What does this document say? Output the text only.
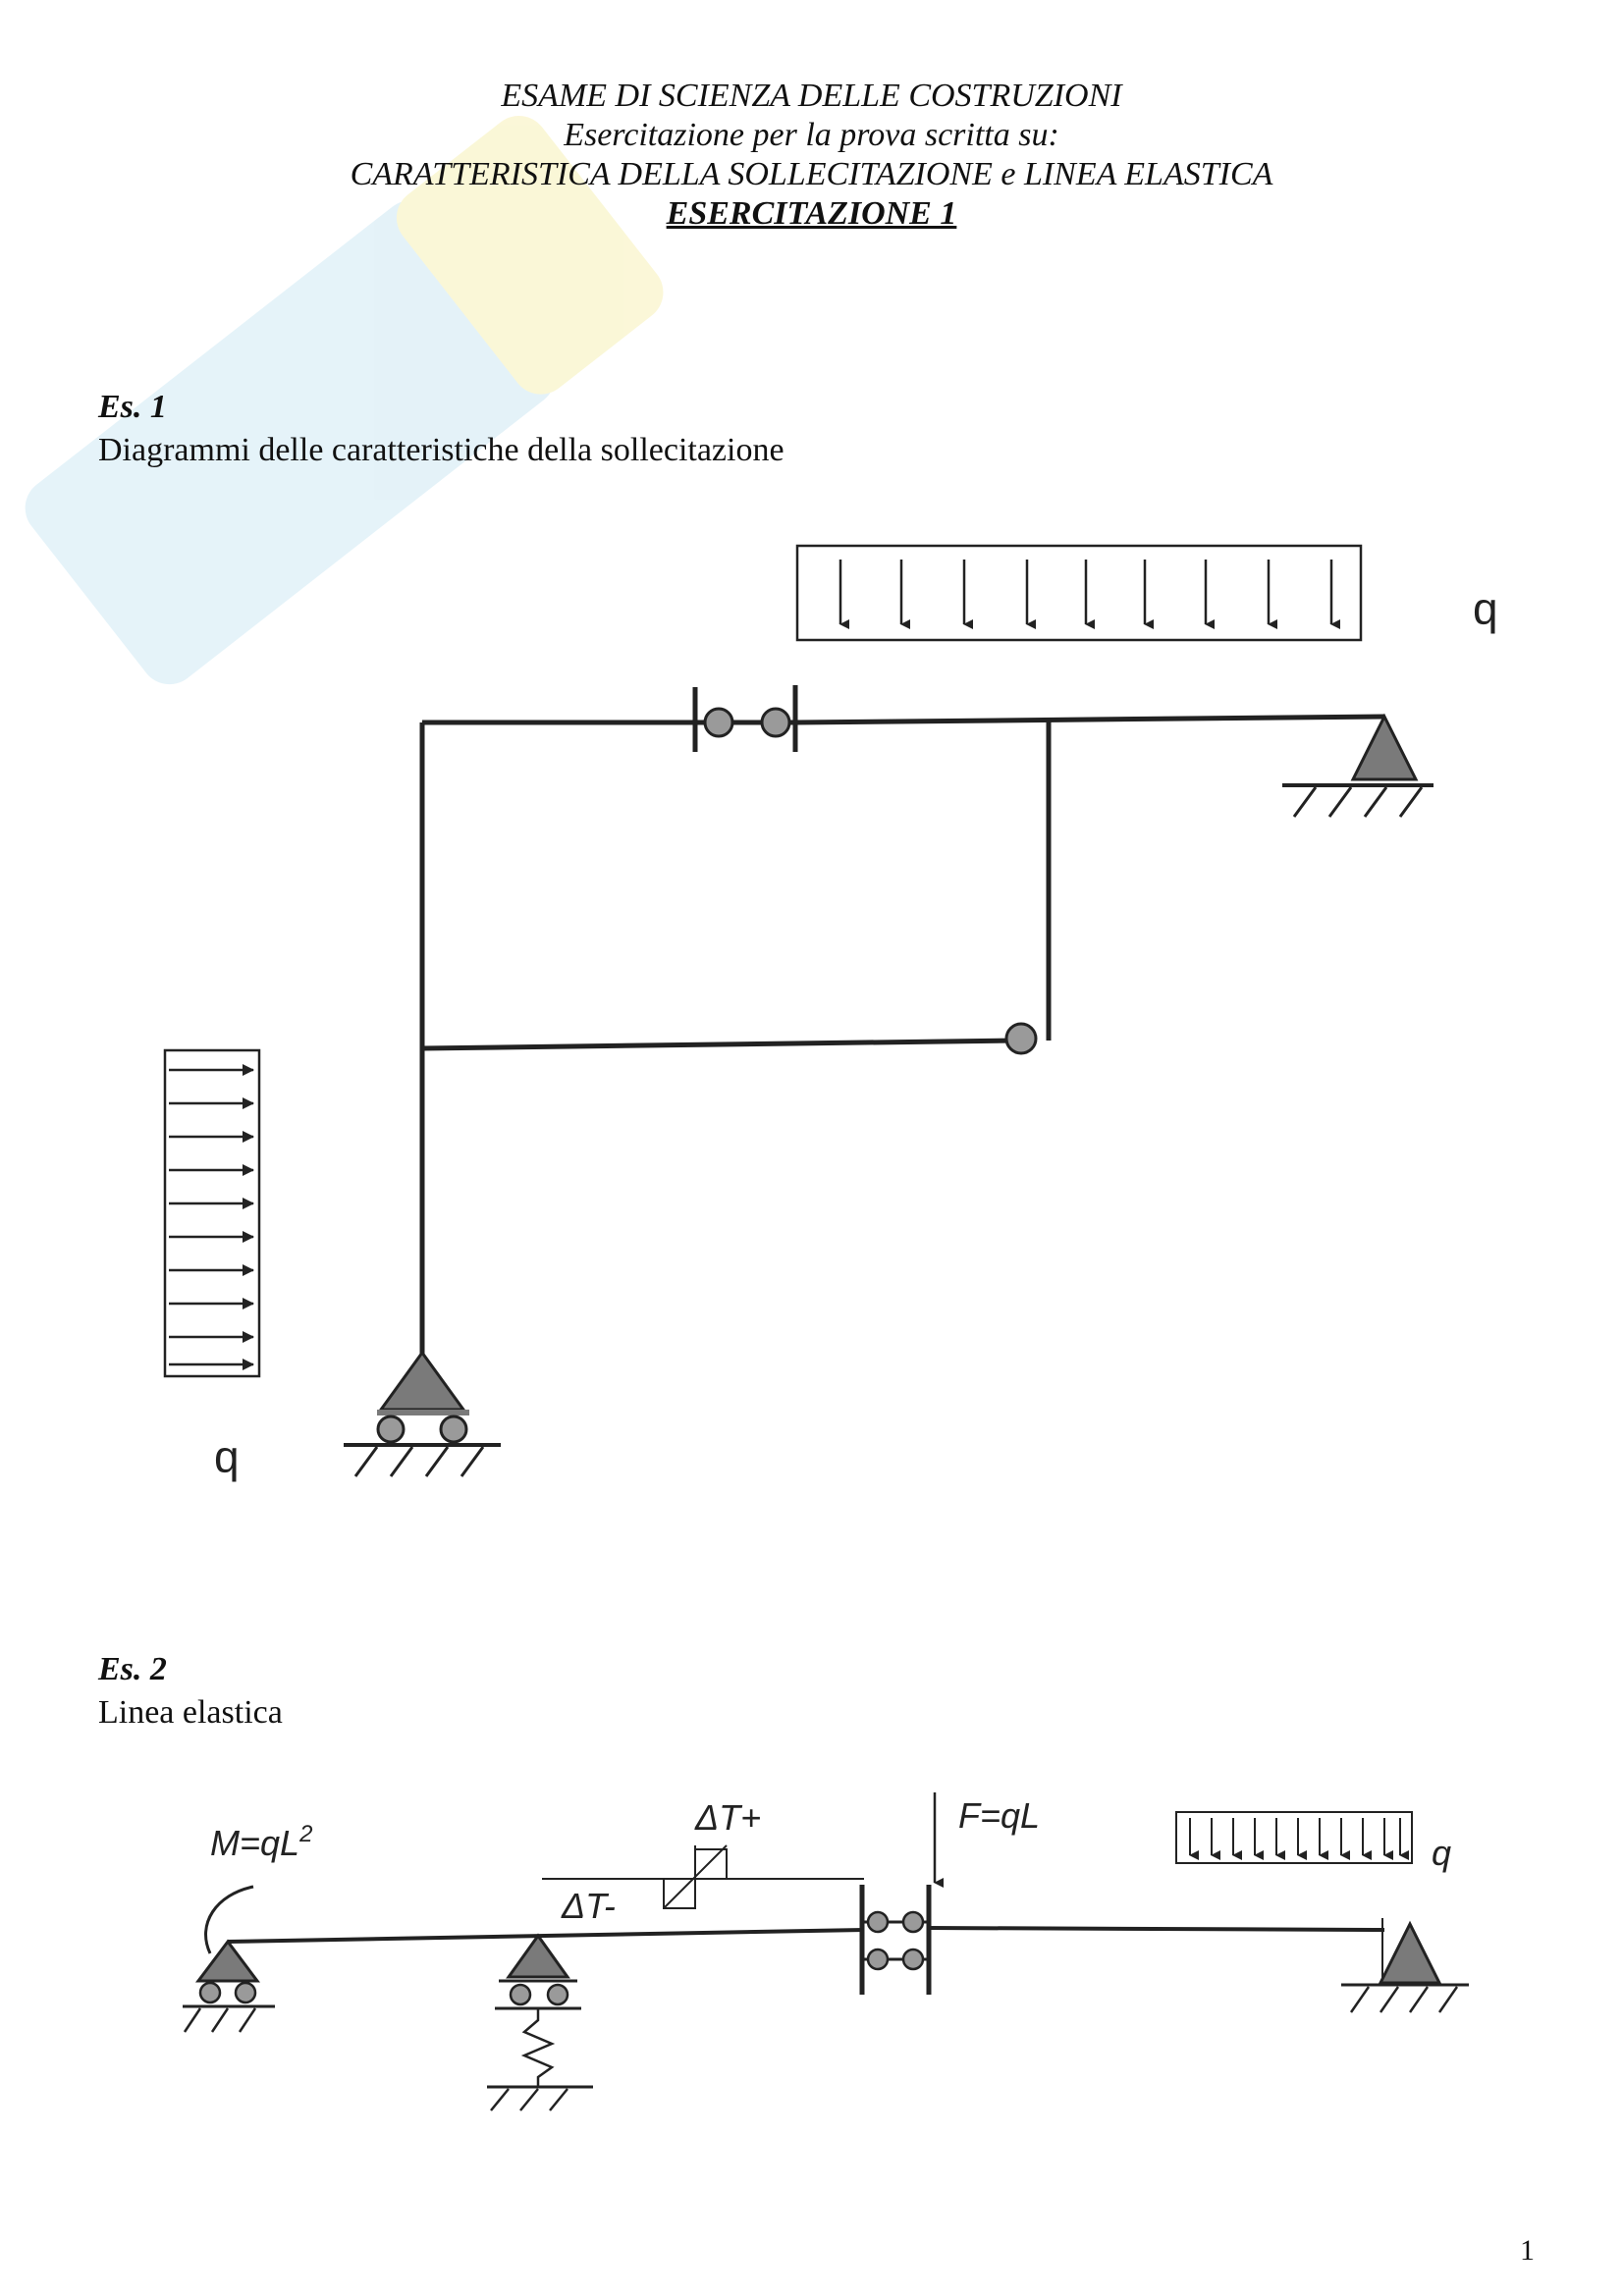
ESAME DI SCIENZA DELLE COSTRUZIONI
Esercitazione per la prova scritta su:
CARATTERISTICA DELLA SOLLECITAZIONE e LINEA ELASTICA
ESERCITAZIONE 1
Es. 1
Diagrammi delle caratteristiche della sollecitazione
Es. 2
Linea elastica
q
q
$M=qL^2$	ΔT+
ΔT-
F=qL
q
1
